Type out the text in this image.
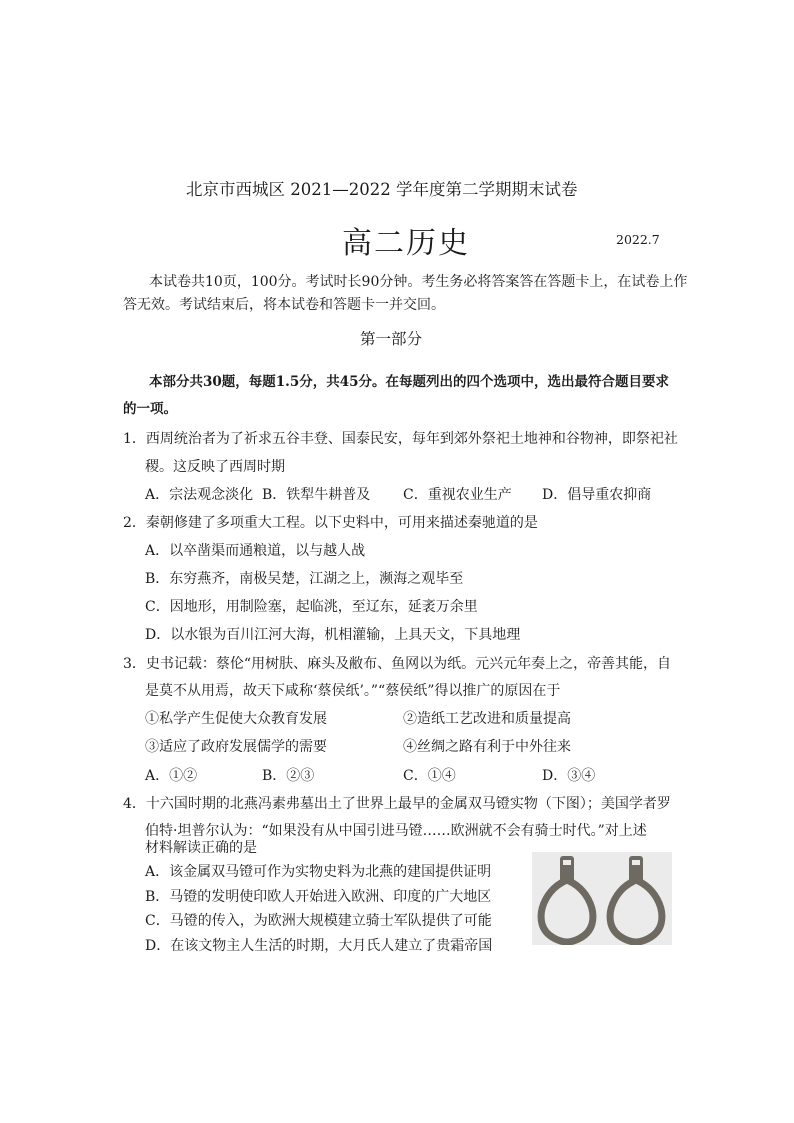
北京市西城区 2021—2022 学年度第二学期期末试卷
高二历史	2022.7
本试卷共10页，100分。考试时长90分钟。考生务必将答案答在答题卡上，在试卷上作
答无效。考试结束后，将本试卷和答题卡一并交回。
第一部分
本部分共30题，每题1.5分，共45分。在每题列出的四个选项中，选出最符合题目要求
的一项。
1．西周统治者为了祈求五谷丰登、国泰民安，每年到郊外祭祀土地神和谷物神，即祭祀社
稷。这反映了西周时期
A．宗法观念淡化 B．铁犁牛耕普及 C．重视农业生产 D．倡导重农抑商
2．秦朝修建了多项重大工程。以下史料中，可用来描述秦驰道的是
A．以卒凿渠而通粮道，以与越人战
B．东穷燕齐，南极吴楚，江湖之上，濒海之观毕至
C．因地形，用制险塞，起临洮，至辽东，延袤万余里
D．以水银为百川江河大海，机相灌输，上具天文，下具地理
3．史书记载：蔡伦“用树肤、麻头及敝布、鱼网以为纸。元兴元年奏上之，帝善其能，自
是莫不从用焉，故天下咸称‘蔡侯纸’。”“蔡侯纸”得以推广的原因在于
①私学产生促使大众教育发展	②造纸工艺改进和质量提高
③适应了政府发展儒学的需要	④丝绸之路有利于中外往来
A．①②	B．②③	C．①④	D．③④
4．十六国时期的北燕冯素弗墓出土了世界上最早的金属双马镫实物（下图）；美国学者罗
伯特·坦普尔认为：“如果没有从中国引进马镫……欧洲就不会有骑士时代。”对上述
材料解读正确的是
A．该金属双马镫可作为实物史料为北燕的建国提供证明
B．马镫的发明使印欧人开始进入欧洲、印度的广大地区
C．马镫的传入，为欧洲大规模建立骑士军队提供了可能
D．在该文物主人生活的时期，大月氏人建立了贵霜帝国
